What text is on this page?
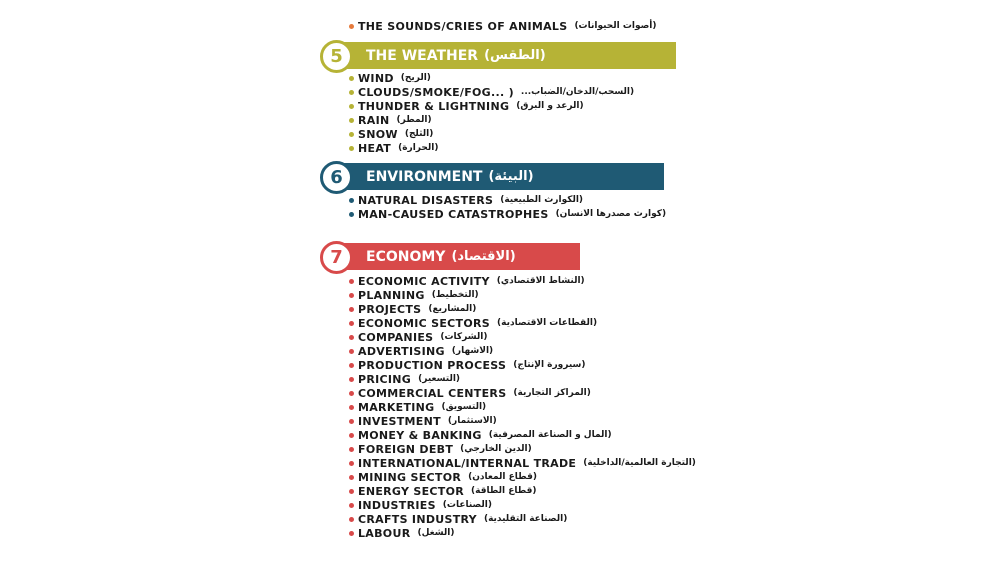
THE SOUNDS/CRIES OF ANIMALS (أصوات الحيوانات)
THE WEATHER (الطقس)
5
WIND (الريح)
CLOUDS/SMOKE/FOG... ) (السحب/الدخان/الضباب...
THUNDER & LIGHTNING (الرعد و البرق)
RAIN (المطر)
SNOW (الثلج)
HEAT (الحرارة)
ENVIRONMENT (البيئة)
6
NATURAL DISASTERS (الكوارث الطبيعية)
MAN-CAUSED CATASTROPHES (كوارث مصدرها الانسان)
ECONOMY (الاقتصاد)
7
ECONOMIC ACTIVITY (النشاط الاقتصادي)
PLANNING (التخطيط)
PROJECTS (المشاريع)
ECONOMIC SECTORS (القطاعات الاقتصادية)
COMPANIES (الشركات)
ADVERTISING (الاشهار)
PRODUCTION PROCESS (سيرورة الإنتاج)
PRICING (التسعير)
COMMERCIAL CENTERS (المراكز التجارية)
MARKETING (التسويق)
INVESTMENT (الاستثمار)
MONEY & BANKING (المال و الصناعة المصرفية)
FOREIGN DEBT (الدين الخارجي)
INTERNATIONAL/INTERNAL TRADE (التجارة العالمية/الداخلية)
MINING SECTOR (قطاع المعادن)
ENERGY SECTOR (قطاع الطاقة)
INDUSTRIES (الصناعات)
CRAFTS INDUSTRY (الصناعة التقليدية)
LABOUR (الشغل)
